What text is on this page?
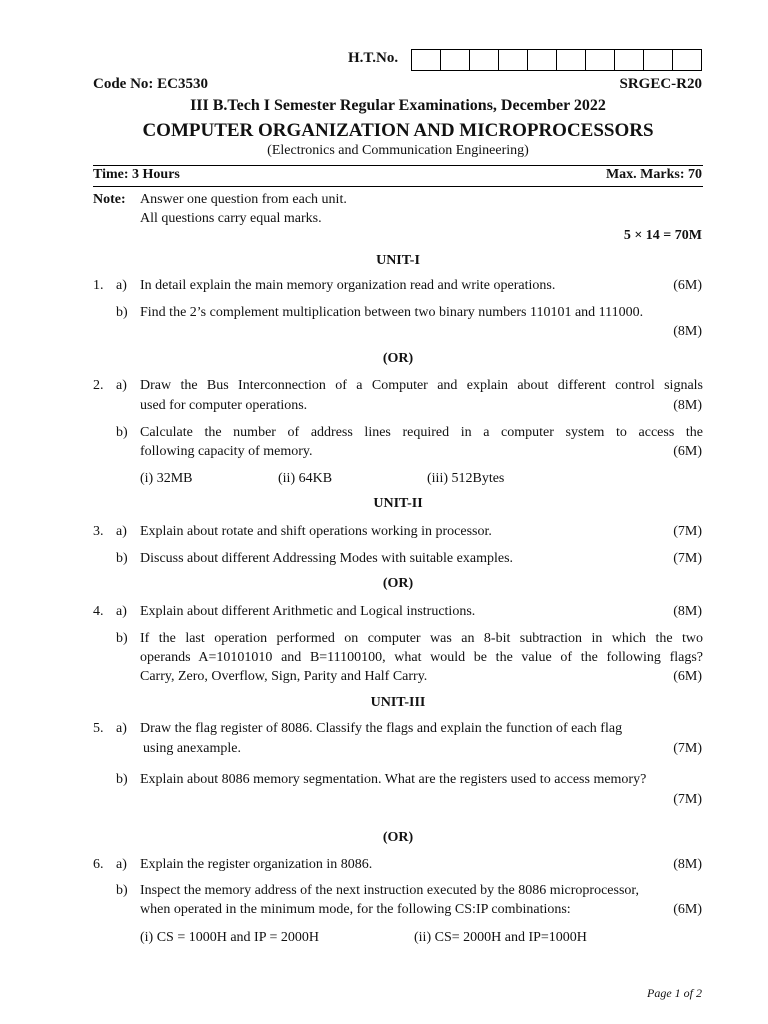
H.T.No.
Code No: EC3530	SRGEC-R20
III B.Tech I Semester Regular Examinations, December 2022
COMPUTER ORGANIZATION AND MICROPROCESSORS
(Electronics and Communication Engineering)
Time: 3 Hours	Max. Marks: 70
Note: Answer one question from each unit.
All questions carry equal marks.
5 × 14 = 70M
UNIT-I
1. a) In detail explain the main memory organization read and write operations.	(6M)
b) Find the 2’s complement multiplication between two binary numbers 110101 and 111000.
(8M)
(OR)
2. a) Draw the Bus Interconnection of a Computer and explain about different control signals
used for computer operations.	(8M)
b) Calculate the number of address lines required in a computer system to access the
following capacity of memory.	(6M)
(i) 32MB	(ii) 64KB	(iii) 512Bytes
UNIT-II
3. a) Explain about rotate and shift operations working in processor.	(7M)
b) Discuss about different Addressing Modes with suitable examples.	(7M)
(OR)
4. a) Explain about different Arithmetic and Logical instructions.	(8M)
b) If the last operation performed on computer was an 8-bit subtraction in which the two
operands A=10101010 and B=11100100, what would be the value of the following flags?
Carry, Zero, Overflow, Sign, Parity and Half Carry.	(6M)
UNIT-III
5. a) Draw the flag register of 8086. Classify the flags and explain the function of each flag
using anexample.	(7M)
b) Explain about 8086 memory segmentation. What are the registers used to access memory?
(7M)
(OR)
6. a) Explain the register organization in 8086.	(8M)
b) Inspect the memory address of the next instruction executed by the 8086 microprocessor,
when operated in the minimum mode, for the following CS:IP combinations:	(6M)
(i) CS = 1000H and IP = 2000H	(ii) CS= 2000H and IP=1000H
Page 1 of 2
